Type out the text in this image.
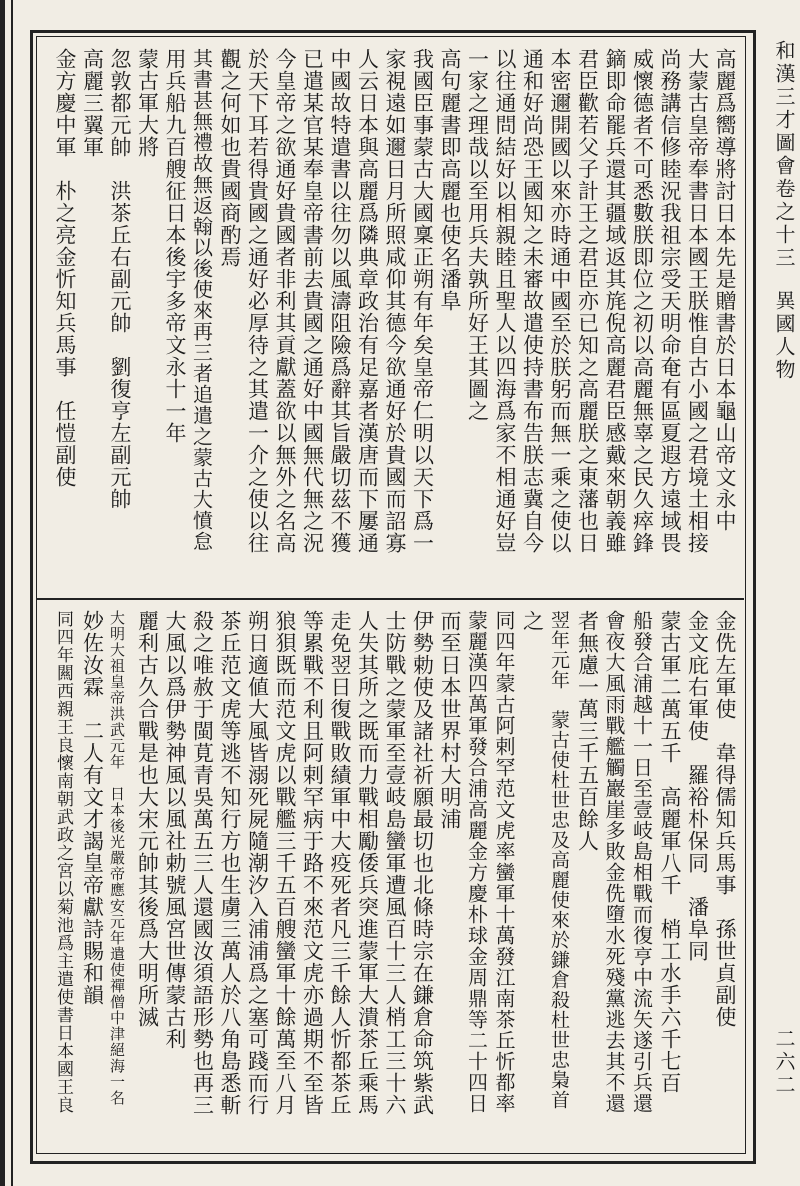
和漢三才圖會卷之十三
異國人物
二六二
高麗爲嚮導將討日本先是贈書於日本龜山帝文永中
大蒙古皇帝奉書日本國王朕惟自古小國之君境土相接
尚務講信修睦況我祖宗受天明命奄有區夏遐方遠域畏
威懷德者不可悉數朕即位之初以高麗無辜之民久瘁鋒
鏑即命罷兵還其疆域返其旄倪高麗君臣感戴來朝義雖
君臣歡若父子計王之君臣亦已知之高麗朕之東藩也日
本密邇開國以來亦時通中國至於朕躬而無一乘之使以
通和好尚恐王國知之未審故遣使持書布告朕志冀自今
以往通問結好以相親睦且聖人以四海爲家不相通好豈
一家之理哉以至用兵夫孰所好王其圖之
高句麗書即高麗也使名潘阜
我國臣事蒙古大國稟正朔有年矣皇帝仁明以天下爲一
家視遠如邇日月所照咸仰其德今欲通好於貴國而詔寡
人云日本與高麗爲隣典章政治有足嘉者漢唐而下屢通
中國故特遣書以往勿以風濤阻險爲辭其旨嚴切茲不獲
已遣某官某奉皇帝書前去貴國之通好中國無代無之況
今皇帝之欲通好貴國者非利其貢獻蓋欲以無外之名高
於天下耳若得貴國之通好必厚待之其遣一介之使以往
觀之何如也貴國商酌焉
其書甚無禮故無返翰以後使來再三者追遣之蒙古大憤怠
用兵船九百艘征日本後宇多帝文永十一年
蒙古軍大將
忽敦都元帥　洪茶丘右副元帥　劉復亨左副元帥
高麗三翼軍
金方慶中軍　朴之亮金忻知兵馬事　任愷副使
金侁左軍使　韋得儒知兵馬事　孫世貞副使
金文庇右軍使　羅裕朴保同　潘阜同
蒙古軍二萬五千　高麗軍八千　梢工水手六千七百
船發合浦越十一日至壹岐島相戰而復亨中流矢遂引兵還
會夜大風雨戰艦觸巖崖多敗金侁墮水死殘黨逃去其不還
者無慮一萬三千五百餘人
翌年元年　蒙古使杜世忠及高麗使來於鎌倉殺杜世忠梟首
之
同四年蒙古阿剌罕范文虎率蠻軍十萬發江南茶丘忻都率
蒙麗漢四萬軍發合浦高麗金方慶朴球金周鼎等二十四日
而至日本世界村大明浦
伊勢勅使及諸社祈願最切也北條時宗在鎌倉命筑紫武
士防戰之蒙軍至壹岐島蠻軍遭風百十三人梢工三十六
人失其所之既而力戰相勵倭兵突進蒙軍大潰茶丘乘馬
走免翌日復戰敗績軍中大疫死者凡三千餘人忻都茶丘
等累戰不利且阿剌罕病于路不來范文虎亦過期不至皆
狼狽既而范文虎以戰艦三千五百艘蠻軍十餘萬至八月
朔日適値大風皆溺死屍隨潮汐入浦浦爲之塞可踐而行
茶丘范文虎等逃不知行方也生虜三萬人於八角島悉斬
殺之唯赦于閩莧青吳萬五三人還國汝須語形勢也再三
大風以爲伊勢神風以風社勅號風宮世傳蒙古利
麗利古久合戰是也大宋元帥其後爲大明所滅
大明大祖皇帝洪武元年　日本後光嚴帝應安元年遣使禪僧中津絕海一名
妙佐汝霖　二人有文才謁皇帝獻詩賜和韻
同四年闗西親王良懷南朝武政之宮以菊池爲主遣使書日本國王良
